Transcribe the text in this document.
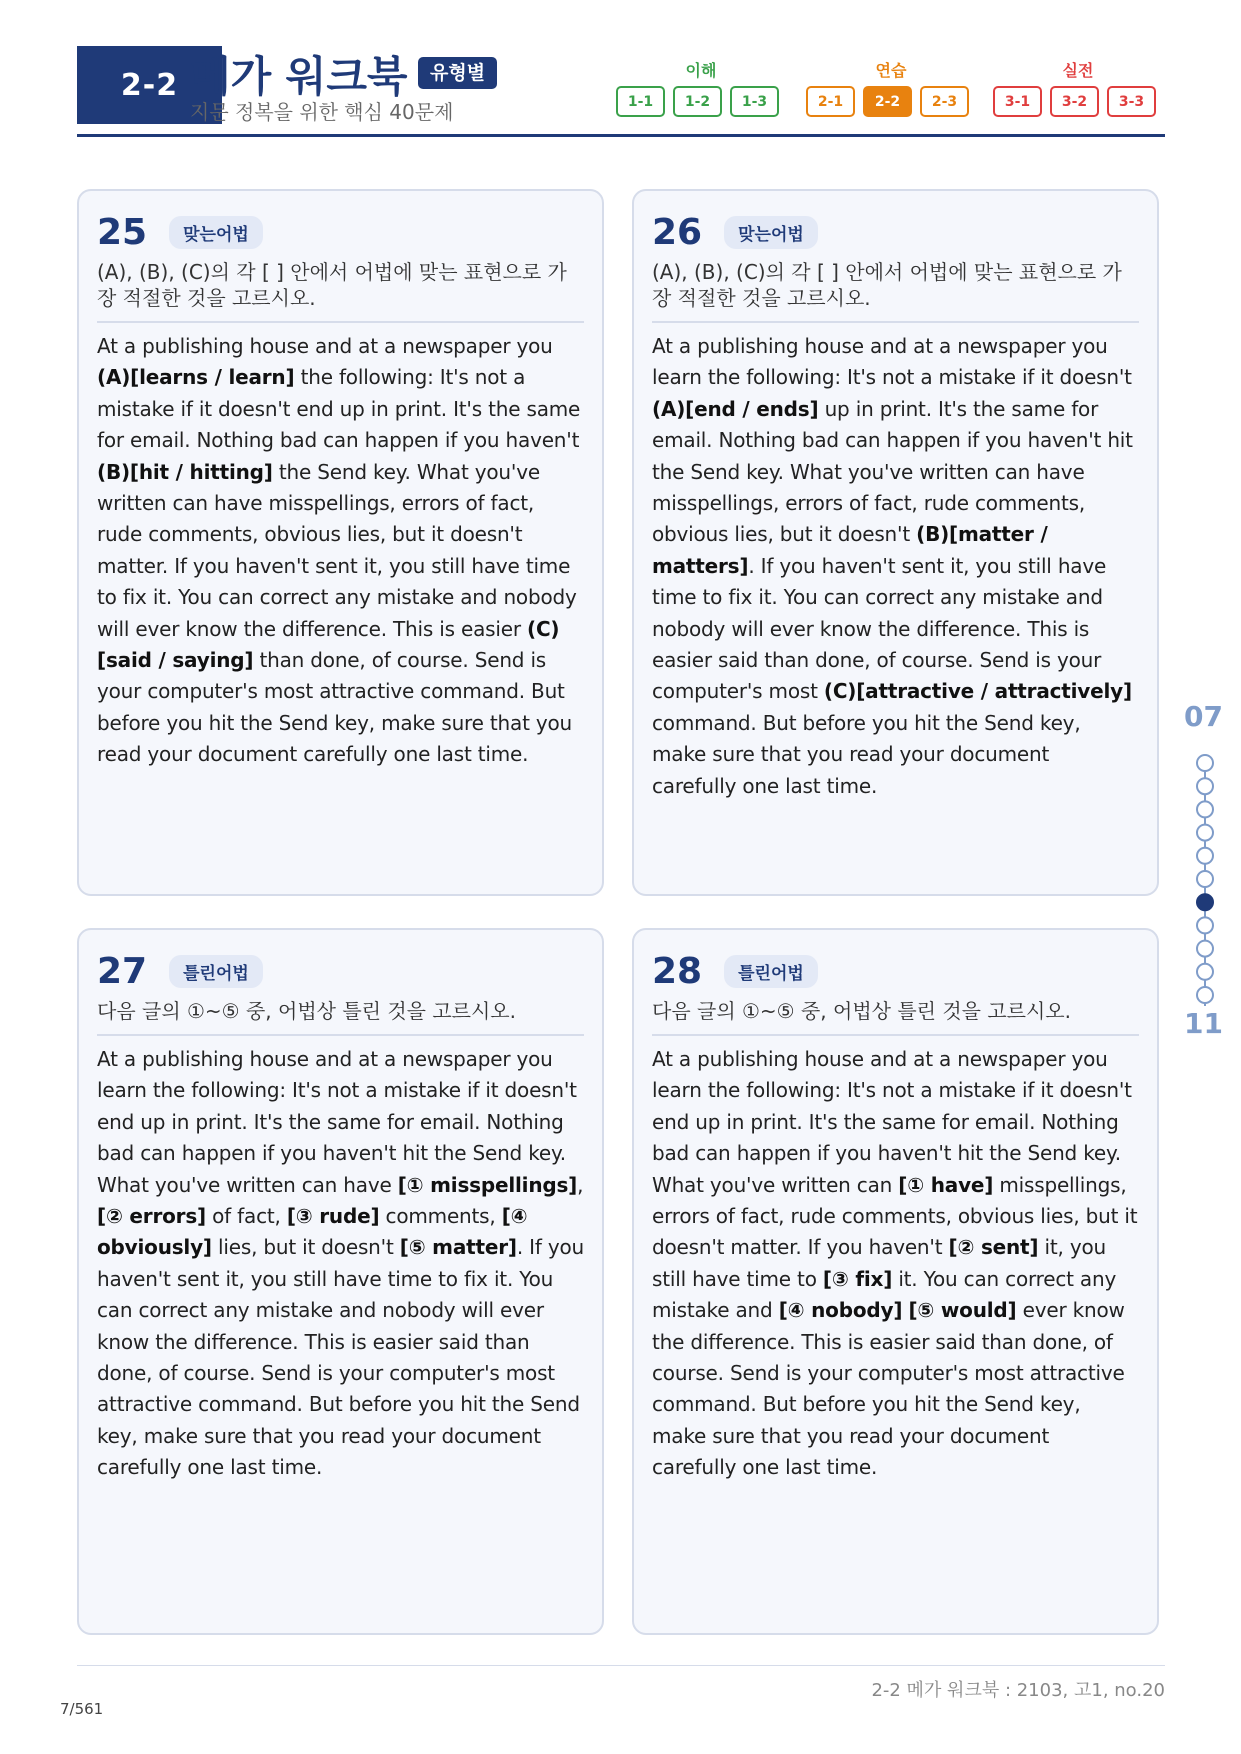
2-2 메가 워크북	유형별
지문 정복을 위한 핵심 40문제
이해
1-1	1-2	1-3
연습
2-1	2-2	2-3
실전
3-1	3-2	3-3
25	맞는어법
(A), (B), (C)의 각 [ ] 안에서 어법에 맞는 표현으로 가장 적절한 것을 고르시오.
At a publishing house and at a newspaper you (A)[learns / learn] the following: It's not a mistake if it doesn't end up in print. It's the same for email. Nothing bad can happen if you haven't (B)[hit / hitting] the Send key. What you've written can have misspellings, errors of fact, rude comments, obvious lies, but it doesn't matter. If you haven't sent it, you still have time to fix it. You can correct any mistake and nobody will ever know the difference. This is easier (C)[said / saying] than done, of course. Send is your computer's most attractive command. But before you hit the Send key, make sure that you read your document carefully one last time.
26	맞는어법
(A), (B), (C)의 각 [ ] 안에서 어법에 맞는 표현으로 가장 적절한 것을 고르시오.
At a publishing house and at a newspaper you learn the following: It's not a mistake if it doesn't (A)[end / ends] up in print. It's the same for email. Nothing bad can happen if you haven't hit the Send key. What you've written can have misspellings, errors of fact, rude comments, obvious lies, but it doesn't (B)[matter / matters]. If you haven't sent it, you still have time to fix it. You can correct any mistake and nobody will ever know the difference. This is easier said than done, of course. Send is your computer's most (C)[attractive / attractively] command. But before you hit the Send key, make sure that you read your document carefully one last time.
27	틀린어법
다음 글의 ①~⑤ 중, 어법상 틀린 것을 고르시오.
At a publishing house and at a newspaper you learn the following: It's not a mistake if it doesn't end up in print. It's the same for email. Nothing bad can happen if you haven't hit the Send key. What you've written can have [① misspellings], [② errors] of fact, [③ rude] comments, [④ obviously] lies, but it doesn't [⑤ matter]. If you haven't sent it, you still have time to fix it. You can correct any mistake and nobody will ever know the difference. This is easier said than done, of course. Send is your computer's most attractive command. But before you hit the Send key, make sure that you read your document carefully one last time.
28	틀린어법
다음 글의 ①~⑤ 중, 어법상 틀린 것을 고르시오.
At a publishing house and at a newspaper you learn the following: It's not a mistake if it doesn't end up in print. It's the same for email. Nothing bad can happen if you haven't hit the Send key. What you've written can [① have] misspellings, errors of fact, rude comments, obvious lies, but it doesn't matter. If you haven't [② sent] it, you still have time to [③ fix] it. You can correct any mistake and [④ nobody] [⑤ would] ever know the difference. This is easier said than done, of course. Send is your computer's most attractive command. But before you hit the Send key, make sure that you read your document carefully one last time.
07
11
2-2 메가 워크북 : 2103, 고1, no.20
7/561
